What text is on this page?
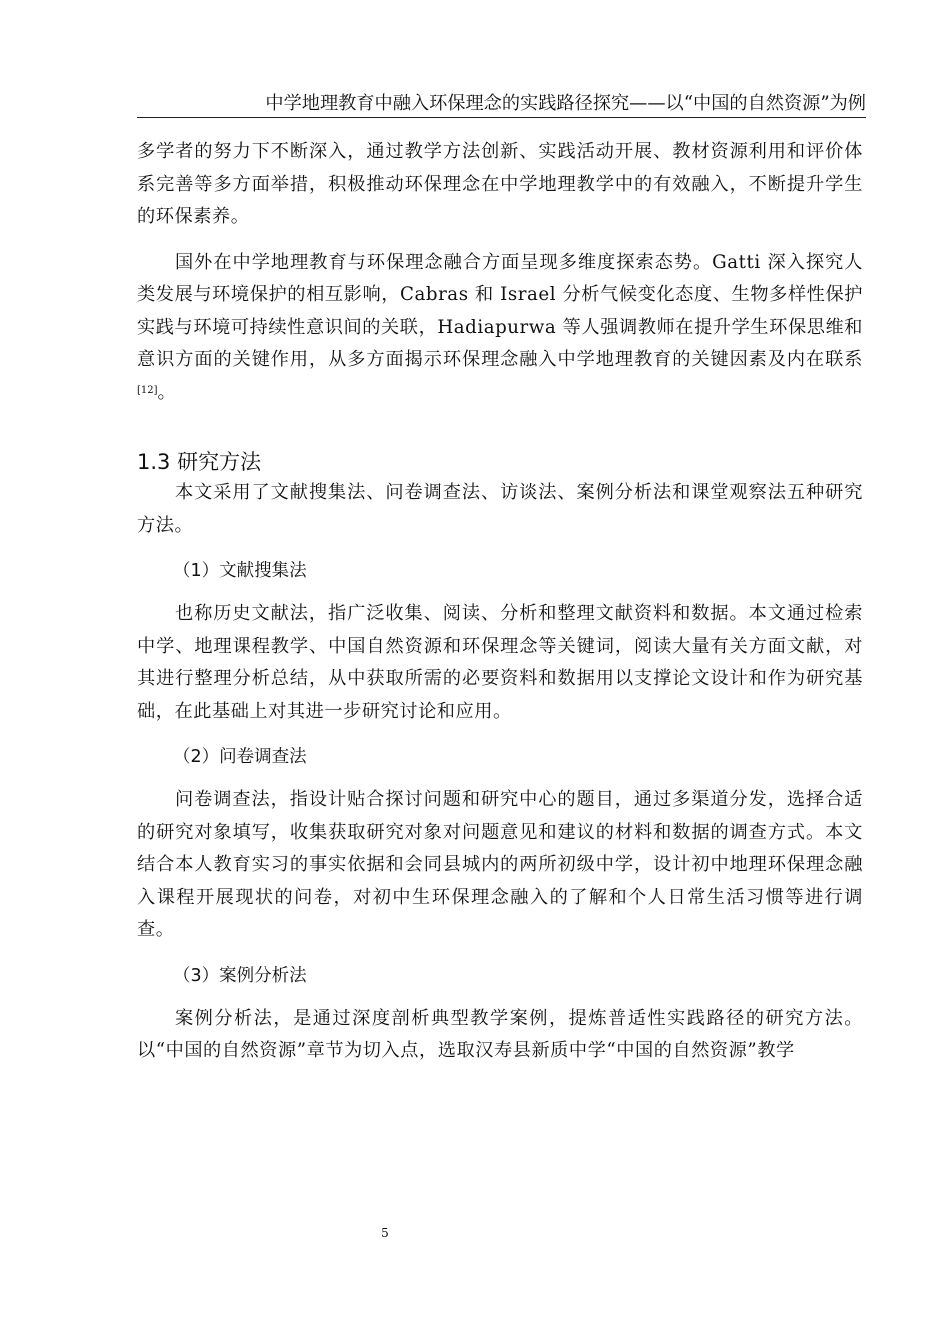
中学地理教育中融入环保理念的实践路径探究——以“中国的自然资源”为例

多学者的努力下不断深入，通过教学方法创新、实践活动开展、教材资源利用和评价体系完善等多方面举措，积极推动环保理念在中学地理教学中的有效融入，不断提升学生的环保素养。

国外在中学地理教育与环保理念融合方面呈现多维度探索态势。Gatti 深入探究人类发展与环境保护的相互影响，Cabras 和 Israel 分析气候变化态度、生物多样性保护实践与环境可持续性意识间的关联，Hadiapurwa 等人强调教师在提升学生环保思维和意识方面的关键作用，从多方面揭示环保理念融入中学地理教育的关键因素及内在联系[12]。

1.3 研究方法

本文采用了文献搜集法、问卷调查法、访谈法、案例分析法和课堂观察法五种研究方法。

（1）文献搜集法

也称历史文献法，指广泛收集、阅读、分析和整理文献资料和数据。本文通过检索中学、地理课程教学、中国自然资源和环保理念等关键词，阅读大量有关方面文献，对其进行整理分析总结，从中获取所需的必要资料和数据用以支撑论文设计和作为研究基础，在此基础上对其进一步研究讨论和应用。

（2）问卷调查法

问卷调查法，指设计贴合探讨问题和研究中心的题目，通过多渠道分发，选择合适的研究对象填写，收集获取研究对象对问题意见和建议的材料和数据的调查方式。本文结合本人教育实习的事实依据和会同县城内的两所初级中学，设计初中地理环保理念融入课程开展现状的问卷，对初中生环保理念融入的了解和个人日常生活习惯等进行调查。

（3）案例分析法

案例分析法，是通过深度剖析典型教学案例，提炼普适性实践路径的研究方法。以“中国的自然资源”章节为切入点，选取汉寿县新质中学“中国的自然资源”教学

5
